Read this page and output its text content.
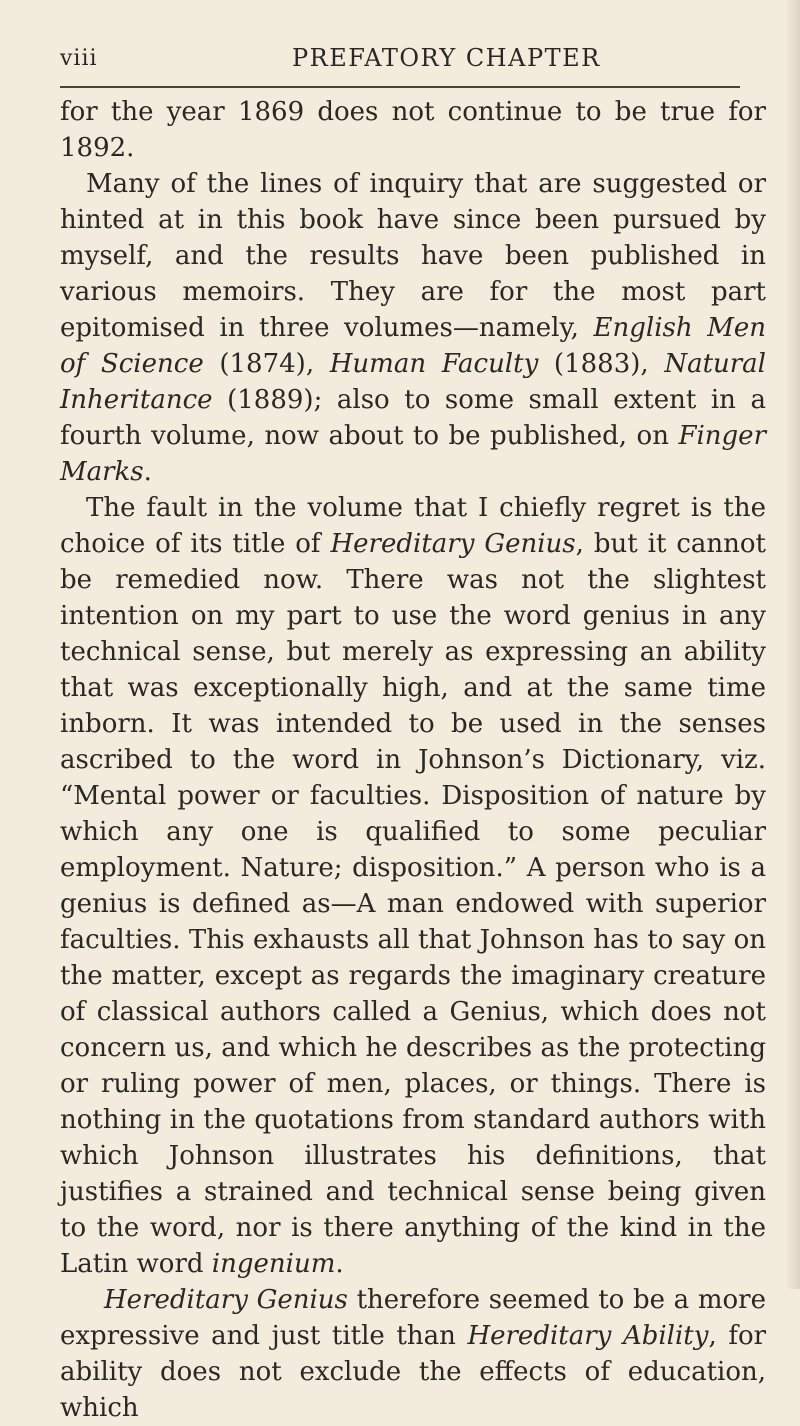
viii	PREFATORY CHAPTER

for the year 1869 does not continue to be true for 1892.

Many of the lines of inquiry that are suggested or hinted at in this book have since been pursued by myself, and the results have been published in various memoirs. They are for the most part epitomised in three volumes—namely, English Men of Science (1874), Human Faculty (1883), Natural Inheritance (1889); also to some small extent in a fourth volume, now about to be published, on Finger Marks.

The fault in the volume that I chiefly regret is the choice of its title of Hereditary Genius, but it cannot be remedied now. There was not the slightest intention on my part to use the word genius in any technical sense, but merely as expressing an ability that was exceptionally high, and at the same time inborn. It was intended to be used in the senses ascribed to the word in Johnson’s Dictionary, viz. “Mental power or faculties. Disposition of nature by which any one is qualified to some peculiar employment. Nature; disposition.” A person who is a genius is defined as—A man endowed with superior faculties. This exhausts all that Johnson has to say on the matter, except as regards the imaginary creature of classical authors called a Genius, which does not concern us, and which he describes as the protecting or ruling power of men, places, or things. There is nothing in the quotations from standard authors with which Johnson illustrates his definitions, that justifies a strained and technical sense being given to the word, nor is there anything of the kind in the Latin word ingenium.

Hereditary Genius therefore seemed to be a more expressive and just title than Hereditary Ability, for ability does not exclude the effects of education, which
